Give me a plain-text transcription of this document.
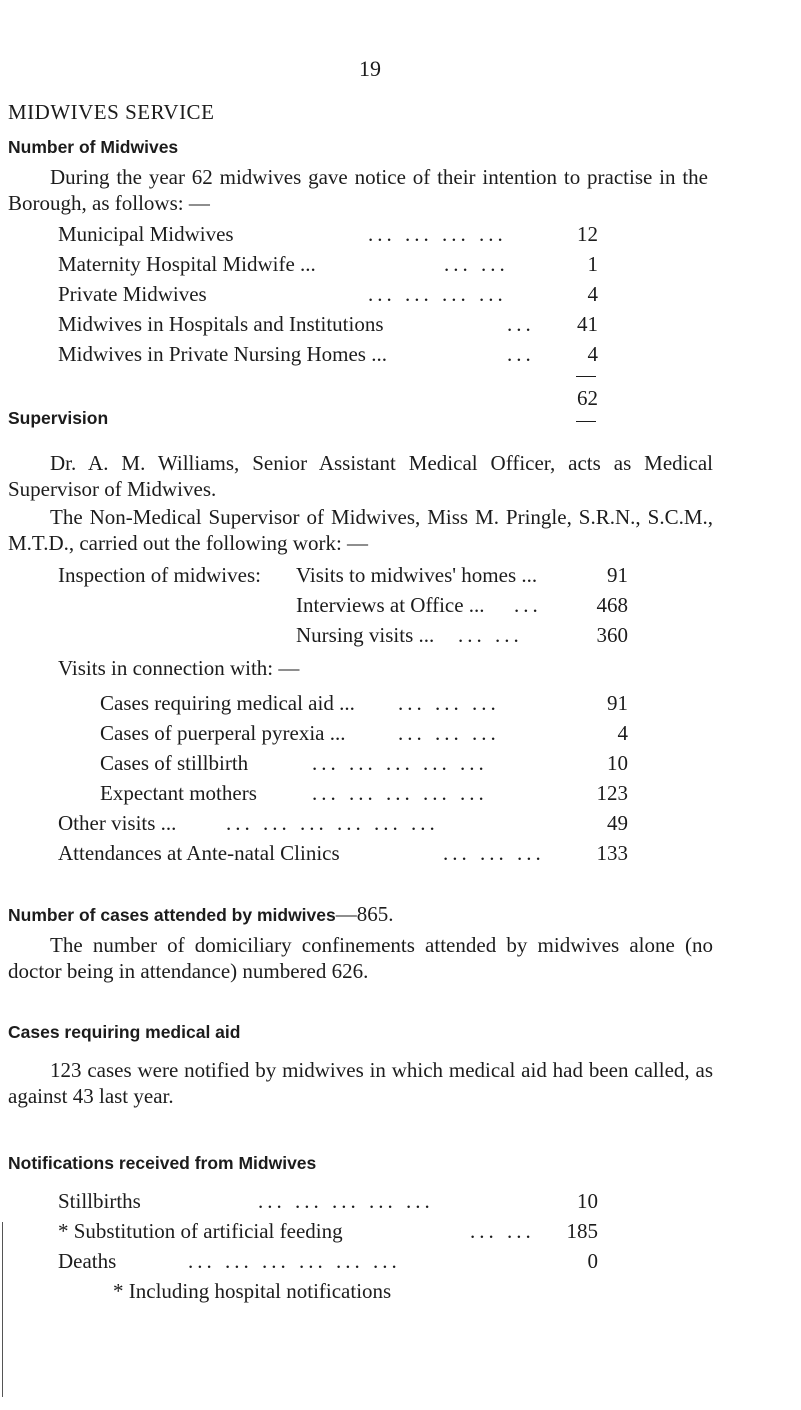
19
MIDWIVES SERVICE
Number of Midwives
During the year 62 midwives gave notice of their intention to practise in the Borough, as follows: —
Municipal Midwives	... ... ... ...	12
Maternity Hospital Midwife ...	... ...	1
Private Midwives	... ... ... ...	4
Midwives in Hospitals and Institutions	...	41
Midwives in Private Nursing Homes ...	...	4
62
Supervision
Dr. A. M. Williams, Senior Assistant Medical Officer, acts as Medical Supervisor of Midwives.
The Non-Medical Supervisor of Midwives, Miss M. Pringle, S.R.N., S.C.M., M.T.D., carried out the following work: —
Inspection of midwives: Visits to midwives' homes ...	91
Interviews at Office ... ...	468
Nursing visits ... ... ...	360
Visits in connection with: —
Cases requiring medical aid ... ... ... ...	91
Cases of puerperal pyrexia ...	... ... ...	4
Cases of stillbirth	... ... ... ... ...	10
Expectant mothers	... ... ... ... ...	123
Other visits ... ... ... ... ... ... ...	49
Attendances at Ante-natal Clinics	... ... ...	133
Number of cases attended by midwives—865.
The number of domiciliary confinements attended by midwives alone (no doctor being in attendance) numbered 626.
Cases requiring medical aid
123 cases were notified by midwives in which medical aid had been called, as against 43 last year.
Notifications received from Midwives
Stillbirths	... ... ... ... ...	10
* Substitution of artificial feeding	... ...	185
Deaths	... ... ... ... ... ...	0
* Including hospital notifications
